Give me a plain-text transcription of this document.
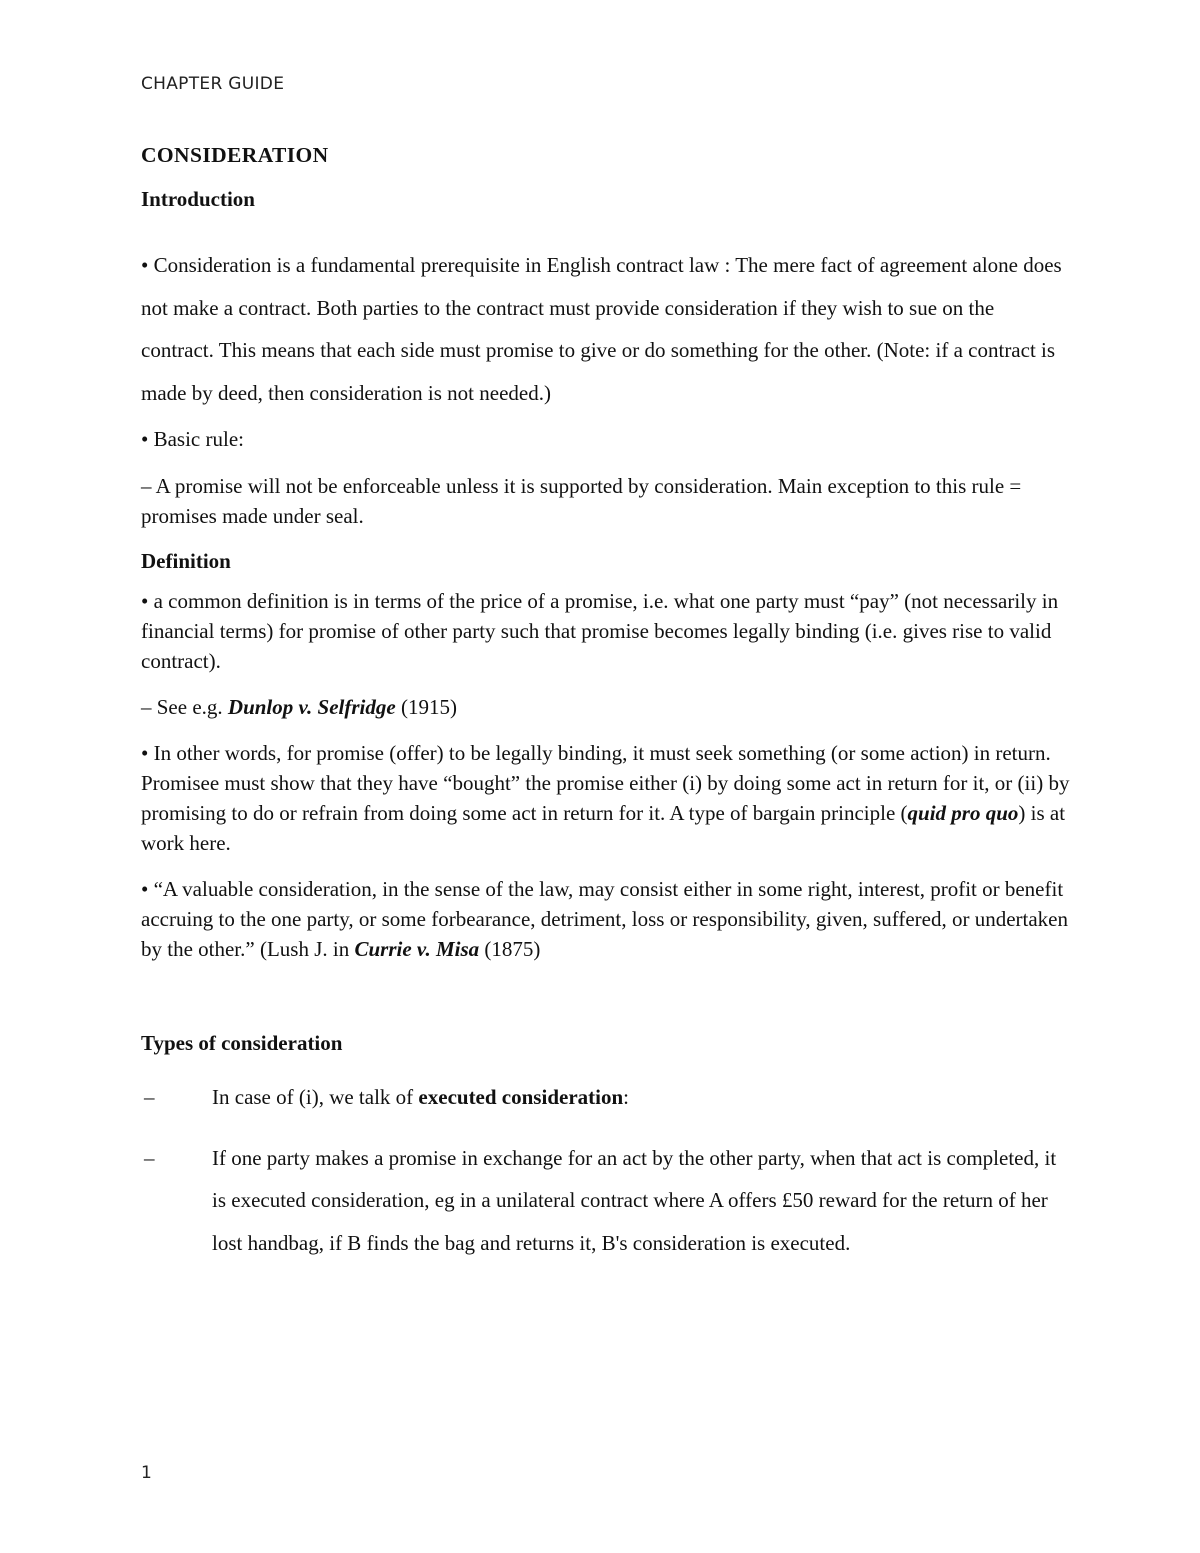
CHAPTER GUIDE
CONSIDERATION
Introduction

• Consideration is a fundamental prerequisite in English contract law : The mere fact of agreement alone does not make a contract. Both parties to the contract must provide consideration if they wish to sue on the contract. This means that each side must promise to give or do something for the other. (Note: if a contract is made by deed, then consideration is not needed.)

• Basic rule:

– A promise will not be enforceable unless it is supported by consideration. Main exception to this rule = promises made under seal.

Definition

• a common definition is in terms of the price of a promise, i.e. what one party must “pay” (not necessarily in financial terms) for promise of other party such that promise becomes legally binding (i.e. gives rise to valid contract).

– See e.g. Dunlop v. Selfridge (1915)

• In other words, for promise (offer) to be legally binding, it must seek something (or some action) in return. Promisee must show that they have “bought” the promise either (i) by doing some act in return for it, or (ii) by promising to do or refrain from doing some act in return for it. A type of bargain principle (quid pro quo) is at work here.

• “A valuable consideration, in the sense of the law, may consist either in some right, interest, profit or benefit accruing to the one party, or some forbearance, detriment, loss or responsibility, given, suffered, or undertaken by the other.” (Lush J. in Currie v. Misa (1875)

Types of consideration
–	In case of (i), we talk of executed consideration:
–	If one party makes a promise in exchange for an act by the other party, when that act is completed, it is executed consideration, eg in a unilateral contract where A offers £50 reward for the return of her lost handbag, if B finds the bag and returns it, B's consideration is executed.
1
